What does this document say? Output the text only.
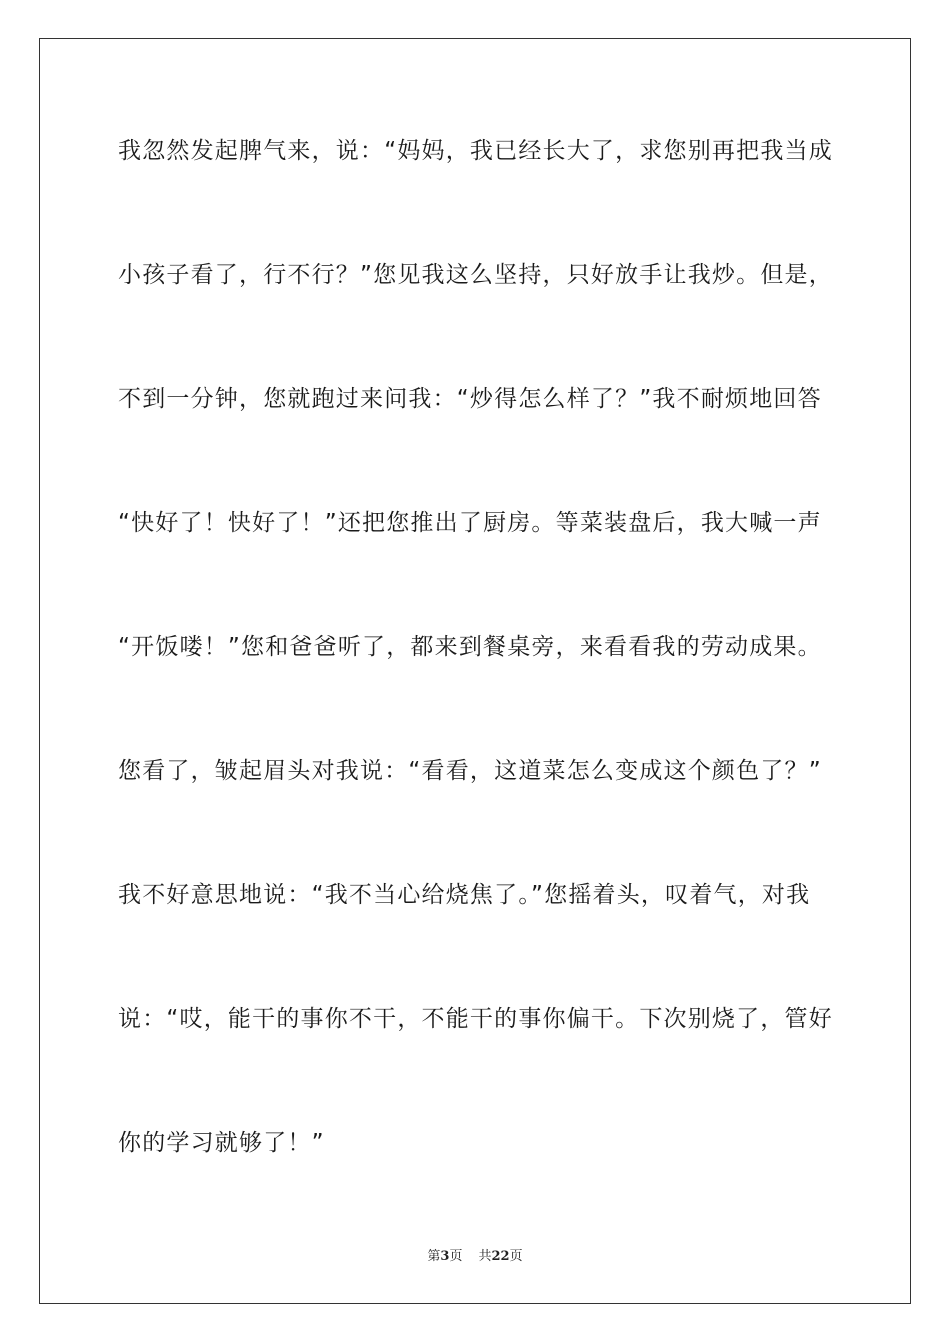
我忽然发起脾气来，说：“妈妈，我已经长大了，求您别再把我当成
小孩子看了，行不行？”您见我这么坚持，只好放手让我炒。但是，
不到一分钟，您就跑过来问我：“炒得怎么样了？”我不耐烦地回答
“快好了！快好了！”还把您推出了厨房。等菜装盘后，我大喊一声
“开饭喽！”您和爸爸听了，都来到餐桌旁，来看看我的劳动成果。
您看了，皱起眉头对我说：“看看，这道菜怎么变成这个颜色了？”
我不好意思地说：“我不当心给烧焦了。”您摇着头，叹着气，对我
说：“哎，能干的事你不干，不能干的事你偏干。下次别烧了，管好
你的学习就够了！”
第3页 共22页
